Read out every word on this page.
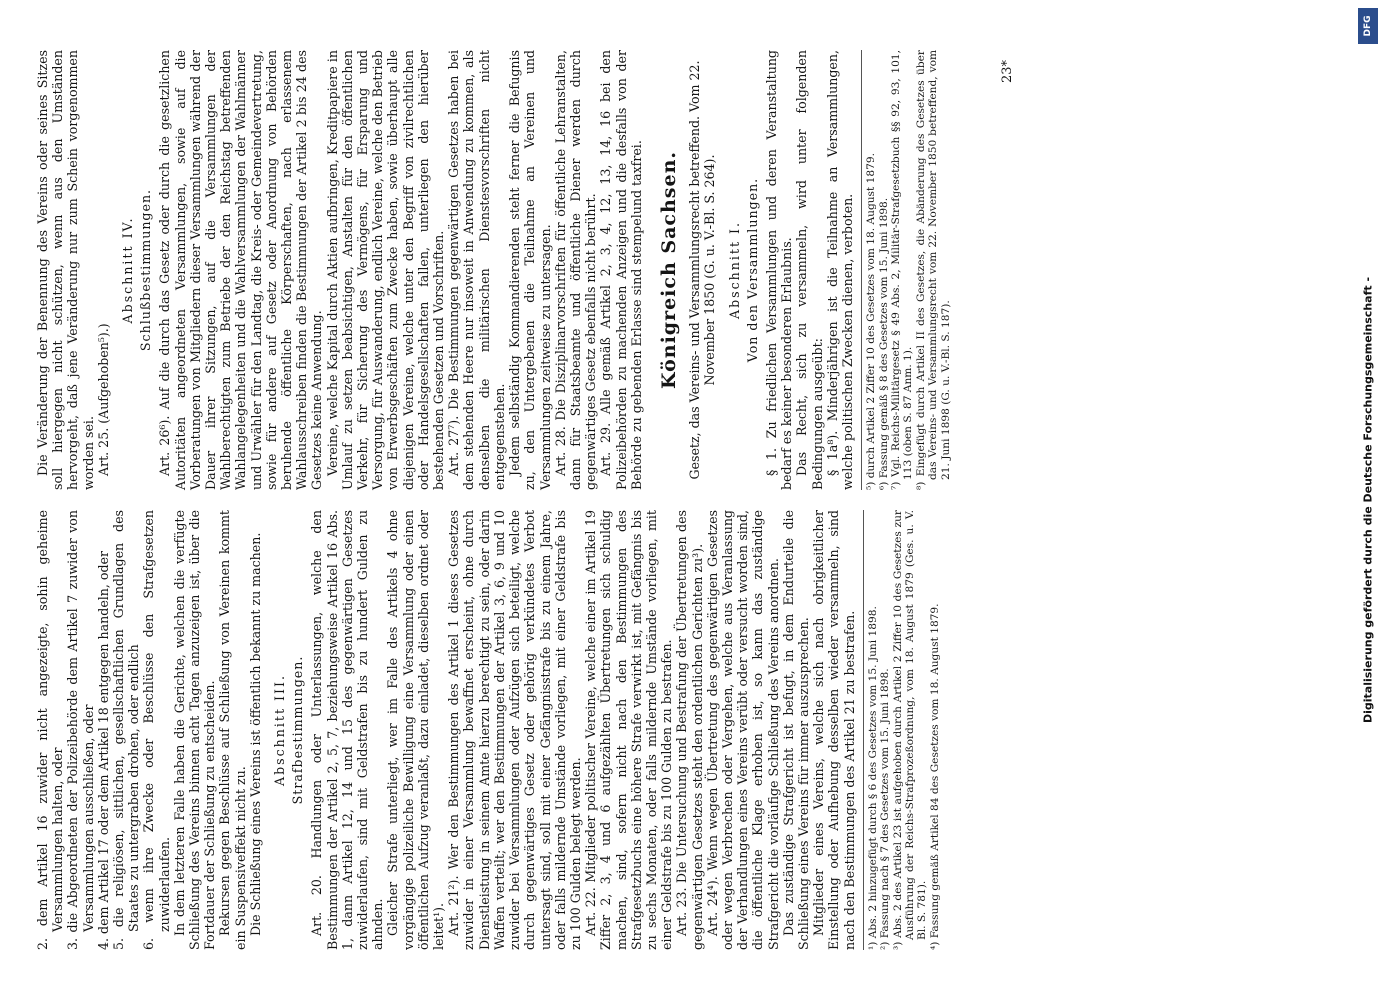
2. dem Artikel 16 zuwider nicht angezeigte, sohin geheime Versammlungen halten, oder 3. die Abgeordneten der Polizeibehörde dem Artikel 7 zuwider von Versammlungen ausschließen, oder 4. dem Artikel 17 oder dem Artikel 18 entgegen handeln, oder 5. die religiösen, sittlichen, gesellschaftlichen Grundlagen des Staates zu untergraben drohen, oder endlich 6. wenn ihre Zwecke oder Beschlüsse den Strafgesetzen zuwiderlaufen. In dem letzteren Falle haben die Gerichte, welchen die verfügte Schließung des Vereins binnen acht Tagen anzuzeigen ist, über die Fortdauer der Schließung zu entscheiden. Rekursen gegen Beschlüsse auf Schließung von Vereinen kommt ein Suspensiveffekt nicht zu. Die Schließung eines Vereins ist öffentlich bekannt zu machen. Abschnitt III. Strafbestimmungen. Art. 20. Handlungen oder Unterlassungen, welche den Bestimmungen der Artikel 2, 5, 7, beziehungsweise Artikel 16 Abs. 1, dann Artikel 12, 14 und 15 des gegenwärtigen Gesetzes zuwiderlaufen, sind mit Geldstrafen bis zu hundert Gulden zu ahnden. Gleicher Strafe unterliegt, wer im Falle des Artikels 4 ohne vorgängige polizeiliche Bewilligung eine Versammlung oder einen öffentlichen Aufzug veranlaßt, dazu einladet, dieselben ordnet oder leitet¹). Art. 21²). Wer den Bestimmungen des Artikel 1 dieses Gesetzes zuwider in einer Versammlung bewaffnet erscheint, ohne durch Dienstleistung in seinem Amte hierzu berechtigt zu sein, oder darin Waffen verteilt; wer den Bestimmungen der Artikel 3, 6, 9 und 10 zuwider bei Versammlungen oder Aufzügen sich beteiligt, welche durch gegenwärtiges Gesetz oder gehörig verkündetes Verbot untersagt sind, soll mit einer Gefängnisstrafe bis zu einem Jahre, oder falls mildernde Umstände vorliegen, mit einer Geldstrafe bis zu 100 Gulden belegt werden. Art. 22. Mitglieder politischer Vereine, welche einer im Artikel 19 Ziffer 2, 3, 4 und 6 aufgezählten Übertretungen sich schuldig machen, sind, sofern nicht nach den Bestimmungen des Strafgesetzbuchs eine höhere Strafe verwirkt ist, mit Gefängnis bis zu sechs Monaten, oder falls mildernde Umstände vorliegen, mit einer Geldstrafe bis zu 100 Gulden zu bestrafen. Art. 23. Die Untersuchung und Bestrafung der Übertretungen des gegenwärtigen Gesetzes steht den ordentlichen Gerichten zu³). Art. 24⁴). Wenn wegen Übertretung des gegenwärtigen Gesetzes oder wegen Verbrechen oder Vergehen, welche aus Veranlassung der Verhandlungen eines Vereins verübt oder versucht worden sind, die öffentliche Klage erhoben ist, so kann das zuständige Strafgericht die vorläufige Schließung des Vereins anordnen. Das zuständige Strafgericht ist befugt, in dem Endurteile die Schließung eines Vereins für immer auszusprechen. Mitglieder eines Vereins, welche sich nach obrigkeitlicher Einstellung oder Aufhebung desselben wieder versammeln, sind nach den Bestimmungen des Artikel 21 zu bestrafen. ¹) Abs. 2 hinzugefügt durch § 6 des Gesetzes vom 15. Juni 1898. ²) Fassung nach § 7 des Gesetzes vom 15. Juni 1898. ³) Abs. 2 des Artikel 23 ist aufgehoben durch Artikel 2 Ziffer 10 des Gesetzes zur Ausführung der Reichs-Strafprozeßordnung, vom 18. August 1879 (Ges. u. V. Bl. S. 781). ⁴) Fassung gemäß Artikel 84 des Gesetzes vom 18. August 1879.

Die Veränderung der Benennung des Vereins oder seines Sitzes soll hiergegen nicht schützen, wenn aus den Umständen hervorgeht, daß jene Veränderung nur zum Schein vorgenommen worden sei. Art. 25. (Aufgehoben⁵).)

Abschnitt IV. Schlußbestimmungen. Art. 26⁶). Auf die durch das Gesetz oder durch die gesetzlichen Autoritäten angeordneten Versammlungen, sowie auf die Vorberatungen von Mitgliedern dieser Versammlungen während der Dauer ihrer Sitzungen, auf die Versammlungen der Wahlberechtigten zum Betriebe der den Reichstag betreffenden Wahlangelegenheiten und die Wahlversammlungen der Wahlmänner und Urwähler für den Landtag, die Kreis- oder Gemeindevertretung, sowie für andere auf Gesetz oder Anordnung von Behörden beruhende öffentliche Körperschaften, nach erlassenem Wahlausschreiben finden die Bestimmungen der Artikel 2 bis 24 des Gesetzes keine Anwendung. Vereine, welche Kapital durch Aktien aufbringen, Kreditpapiere in Umlauf zu setzen beabsichtigen, Anstalten für den öffentlichen Verkehr, für Sicherung des Vermögens, für Ersparung und Versorgung, für Auswanderung, endlich Vereine, welche den Betrieb von Erwerbsgeschäften zum Zwecke haben, sowie überhaupt alle diejenigen Vereine, welche unter den Begriff von zivilrechtlichen oder Handelsgesellschaften fallen, unterliegen den hierüber bestehenden Gesetzen und Vorschriften. Art. 27⁷). Die Bestimmungen gegenwärtigen Gesetzes haben bei dem stehenden Heere nur insoweit in Anwendung zu kommen, als denselben die militärischen Dienstesvorschriften nicht entgegenstehen. Jedem selbständig Kommandierenden steht ferner die Befugnis zu, den Untergebenen die Teilnahme an Vereinen und Versammlungen zeitweise zu untersagen. Art. 28. Die Disziplinarvorschriften für öffentliche Lehranstalten, dann für Staatsbeamte und öffentliche Diener werden durch gegenwärtiges Gesetz ebenfalls nicht berührt. Art. 29. Alle gemäß Artikel 2, 3, 4, 12, 13, 14, 16 bei den Polizeibehörden zu machenden Anzeigen und die desfalls von der Behörde zu gebenden Erlasse sind stempelund taxfrei. Königreich Sachsen. Gesetz, das Vereins- und Versammlungsrecht betreffend. Vom 22. November 1850 (G. u. V.-Bl. S. 264). Abschnitt I. Von den Versammlungen. § 1. Zu friedlichen Versammlungen und deren Veranstaltung bedarf es keiner besonderen Erlaubnis. Das Recht, sich zu versammeln, wird unter folgenden Bedingungen ausgeübt: § 1a⁸). Minderjährigen ist die Teilnahme an Versammlungen, welche politischen Zwecken dienen, verboten. ⁵) durch Artikel 2 Ziffer 10 des Gesetzes vom 18. August 1879. ⁶) Fassung gemäß § 8 des Gesetzes vom 15. Juni 1898. ⁷) Vgl. Reichs-Militärgesetz § 49 Abs. 2, Militär-Strafgesetzbuch §§ 92, 93, 101, 113 (oben S. 87 Anm. 1). ⁸) Eingefügt durch Artikel II des Gesetzes, die Abänderung des Gesetzes über das Vereins- und Versammlungsrecht vom 22. November 1850 betreffend, vom 21. Juni 1898 (G. u. V.-Bl. S. 187).
23*
Digitalisierung gefördert durch die Deutsche Forschungsgemeinschaft -
DFG
